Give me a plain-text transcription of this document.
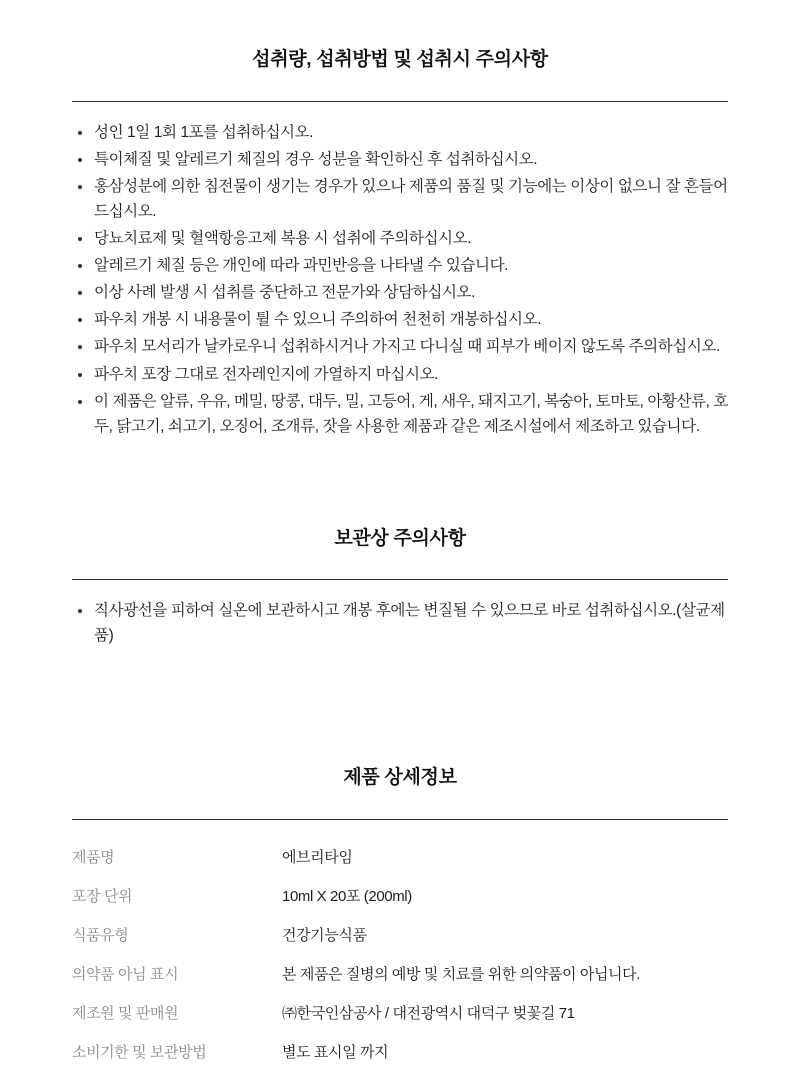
섭취량, 섭취방법 및 섭취시 주의사항
성인 1일 1회 1포를 섭취하십시오.
특이체질 및 알레르기 체질의 경우 성분을 확인하신 후 섭취하십시오.
홍삼성분에 의한 침전물이 생기는 경우가 있으나 제품의 품질 및 기능에는 이상이 없으니 잘 흔들어 드십시오.
당뇨치료제 및 혈액항응고제 복용 시 섭취에 주의하십시오.
알레르기 체질 등은 개인에 따라 과민반응을 나타낼 수 있습니다.
이상 사례 발생 시 섭취를 중단하고 전문가와 상담하십시오.
파우치 개봉 시 내용물이 튈 수 있으니 주의하여 천천히 개봉하십시오.
파우치 모서리가 날카로우니 섭취하시거나 가지고 다니실 때 피부가 베이지 않도록 주의하십시오.
파우치 포장 그대로 전자레인지에 가열하지 마십시오.
이 제품은 알류, 우유, 메밀, 땅콩, 대두, 밀, 고등어, 게, 새우, 돼지고기, 복숭아, 토마토, 아황산류, 호두, 닭고기, 쇠고기, 오징어, 조개류, 잣을 사용한 제품과 같은 제조시설에서 제조하고 있습니다.
보관상 주의사항
직사광선을 피하여 실온에 보관하시고 개봉 후에는 변질될 수 있으므로 바로 섭취하십시오.(살균제품)
제품 상세정보
제품명	에브리타임
포장 단위	10ml X 20포 (200ml)
식품유형	건강기능식품
의약품 아님 표시	본 제품은 질병의 예방 및 치료를 위한 의약품이 아닙니다.
제조원 및 판매원	㈜한국인삼공사 / 대전광역시 대덕구 벚꽃길 71
소비기한 및 보관방법	별도 표시일 까지
